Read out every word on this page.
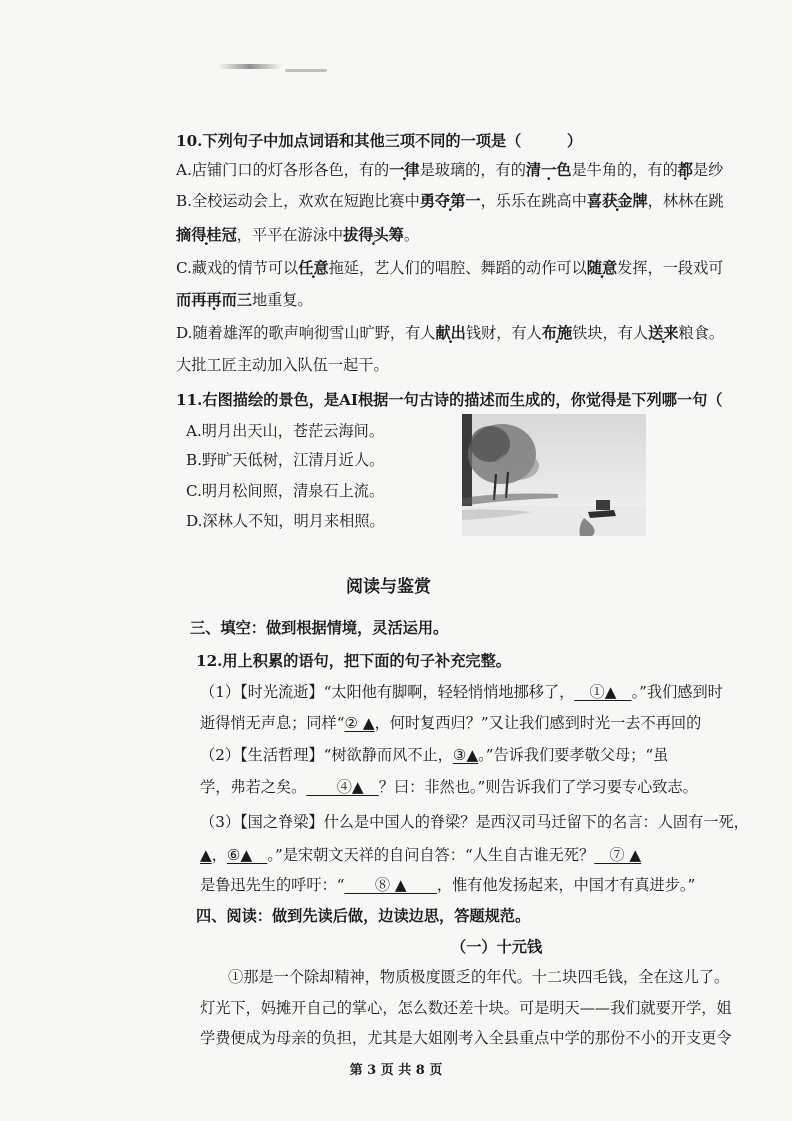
10.下列句子中加点词语和其他三项不同的一项是（　　　）
A.店铺门口的灯各形各色，有的一律是玻璃的，有的清一色是牛角的，有的都是纱
B.全校运动会上，欢欢在短跑比赛中勇夺第一，乐乐在跳高中喜获金牌，林林在跳
摘得桂冠，平平在游泳中拔得头筹。
C.藏戏的情节可以任意拖延，艺人们的唱腔、舞蹈的动作可以随意发挥，一段戏可
而再再而三 ·地重复。
D.随着雄浑的歌声响彻雪山旷野，有人献出钱财，有人布施铁块，有人送来粮食。
大批工匠主动加入队伍一起干。
11.右图描绘的景色，是AI根据一句古诗的描述而生成的，你觉得是下列哪一句（
A.明月出天山，苍茫云海间。
B.野旷天低树，江清月近人。
C.明月松间照，清泉石上流。
D.深林人不知，明月来相照。
阅读与鉴赏
三、填空：做到根据情境，灵活运用。
12.用上积累的语句，把下面的句子补充完整。
（1）【时光流逝】“太阳他有脚啊，轻轻悄悄地挪移了，　①▲　。”我们感到时
逝得悄无声息；同样“② ▲，何时复西归？”又让我们感到时光一去不再回的
（2）【生活哲理】“树欲静而风不止，③▲。”告诉我们要孝敬父母；“虽
学，弗若之矣。　　④▲　？曰：非然也。”则告诉我们了学习要专心致志。
（3）【国之脊梁】什么是中国人的脊梁？是西汉司马迁留下的名言：人固有一死，
▲，⑥▲　。”是宋朝文天祥的自问自答：“人生自古谁无死？　⑦ ▲
是鲁迅先生的呼吁：“　　⑧ ▲　　，惟有他发扬起来，中国才有真进步。”
四、阅读：做到先读后做，边读边思，答题规范。
（一）十元钱
①那是一个除却精神，物质极度匮乏的年代。十二块四毛钱，全在这儿了。
灯光下，妈摊开自己的掌心，怎么数还差十块。可是明天——我们就要开学，姐
学费便成为母亲的负担，尤其是大姐刚考入全县重点中学的那份不小的开支更令
第 3 页 共 8 页
